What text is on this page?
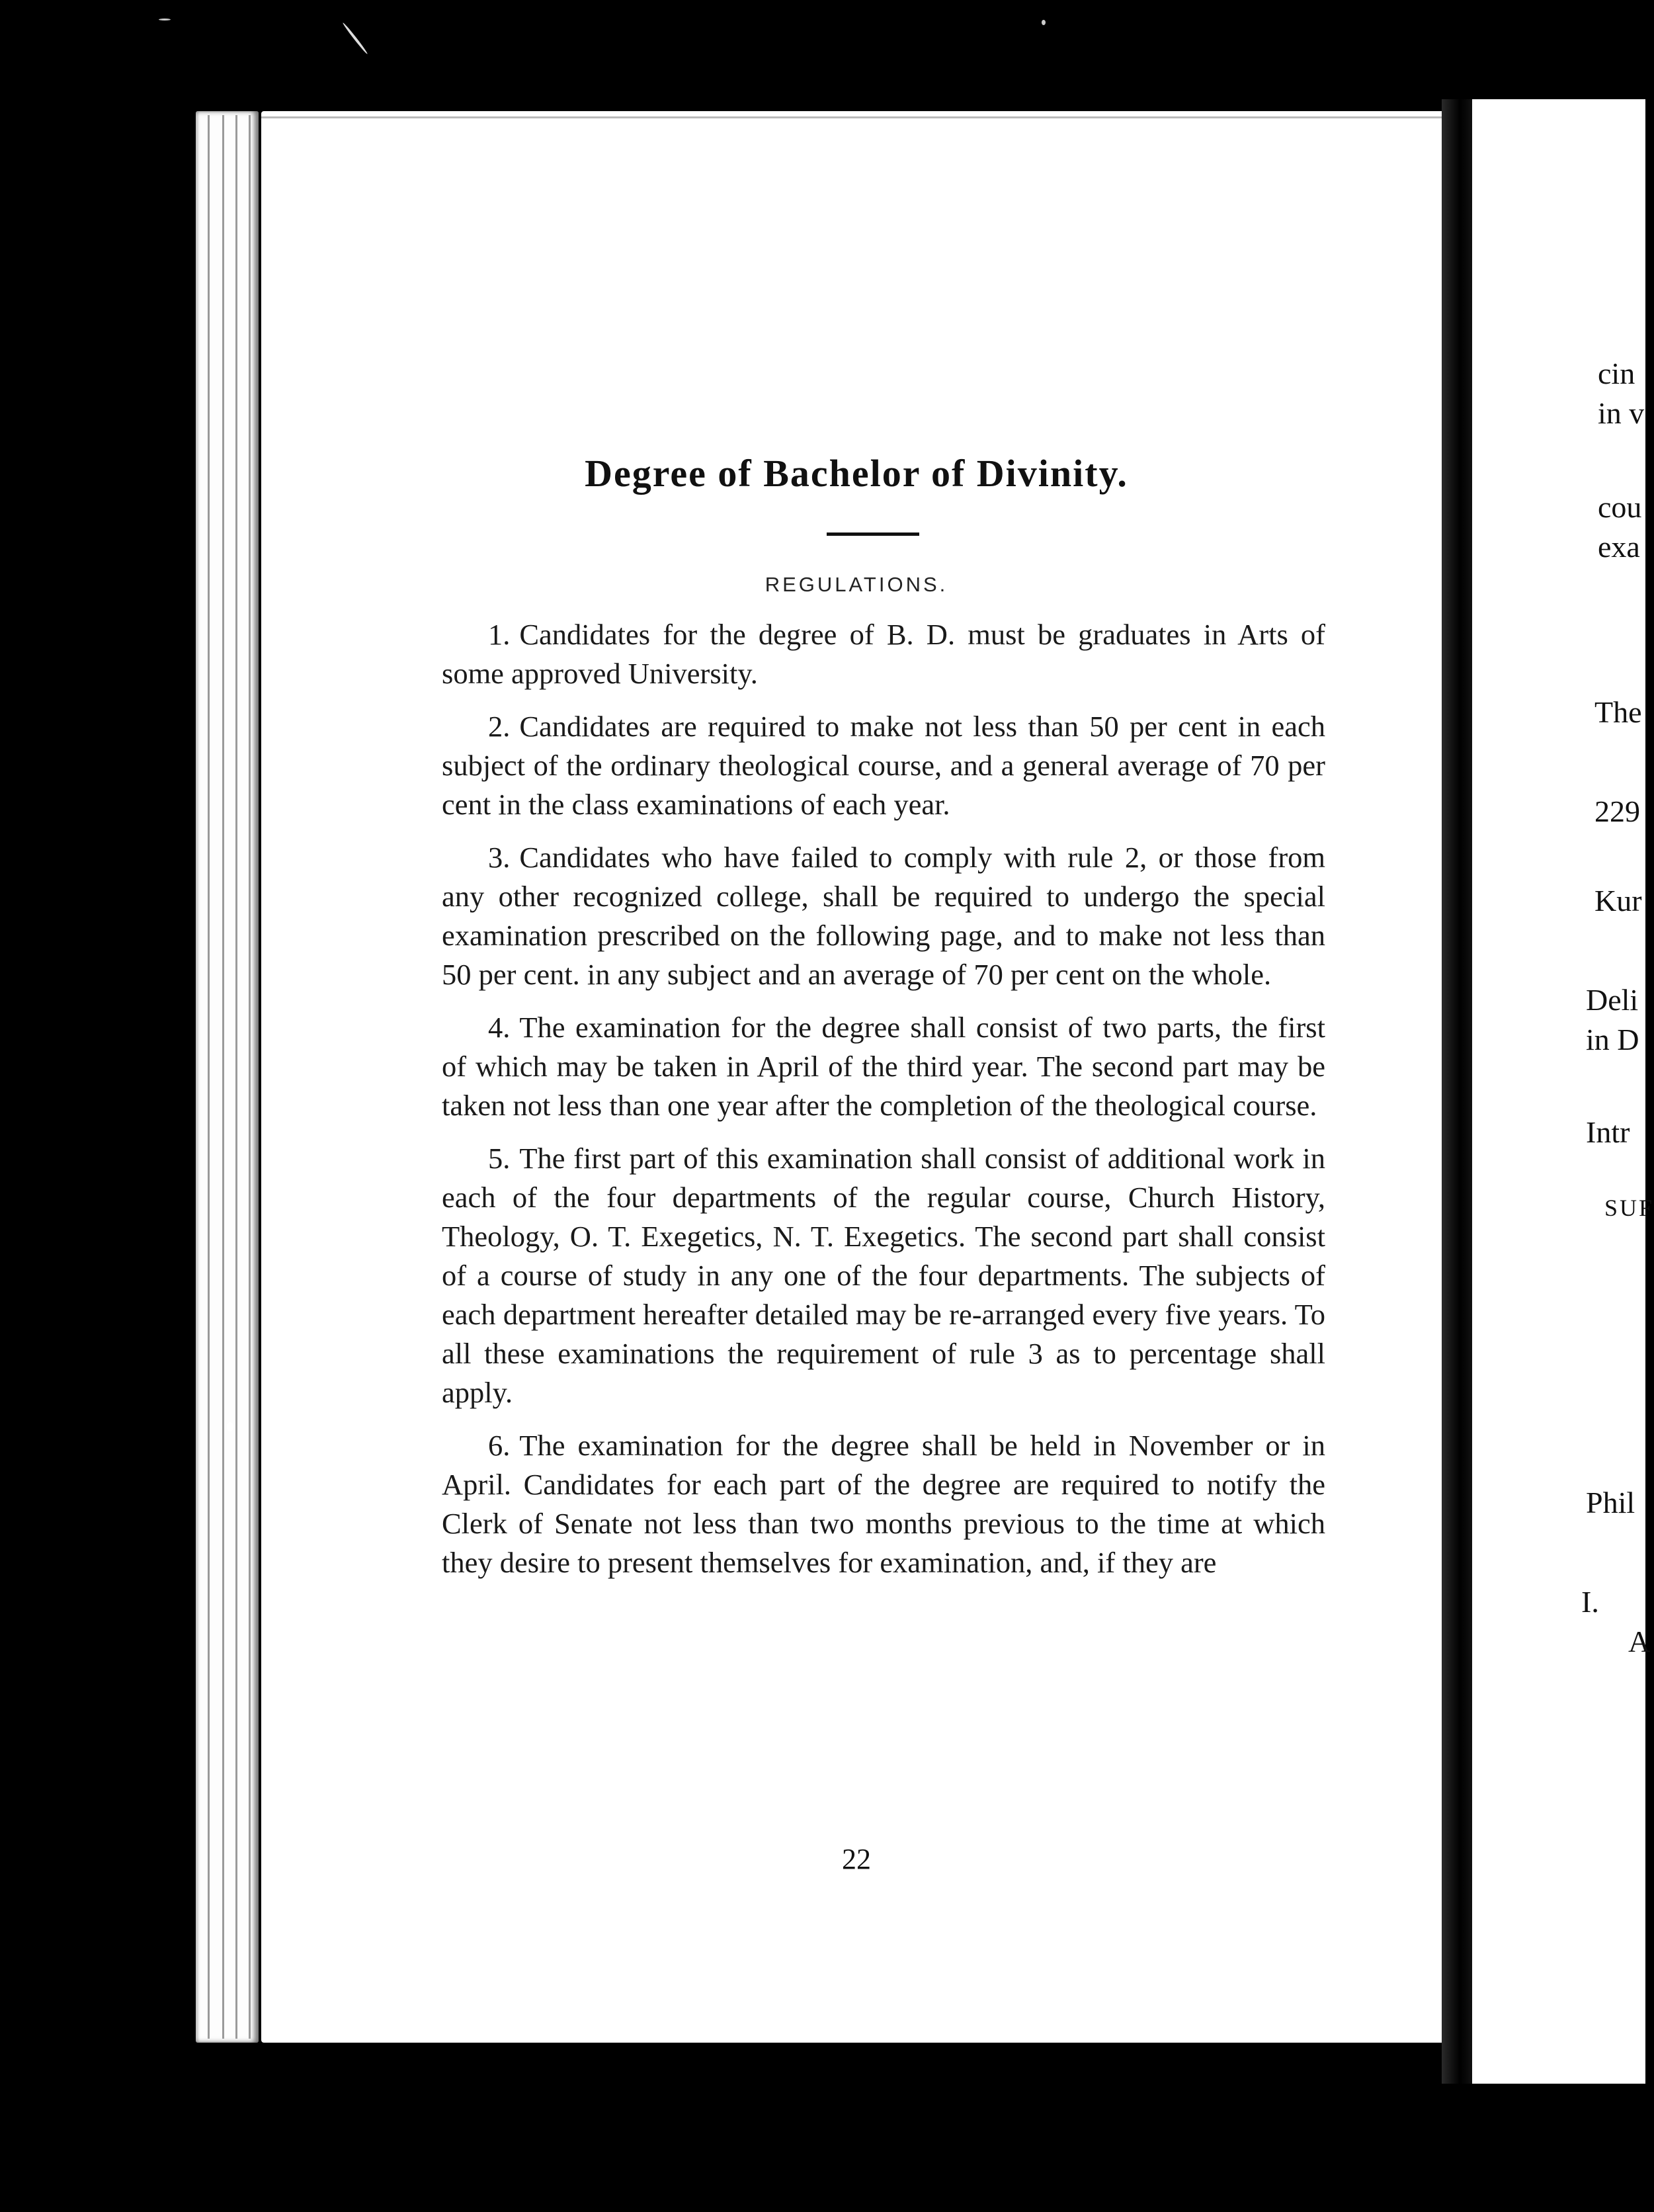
cin
in v
cou
exa
The
229
Kur
Deli
in D
Intr
SUF
Phil
I.
A
Degree of Bachelor of Divinity.
REGULATIONS.

1. Candidates for the degree of B. D. must be graduates in Arts of some approved University.

2. Candidates are required to make not less than 50 per cent in each subject of the ordinary theological course, and a general average of 70 per cent in the class examinations of each year.

3. Candidates who have failed to comply with rule 2, or those from any other recognized college, shall be required to undergo the special examination prescribed on the following page, and to make not less than 50 per cent. in any subject and an average of 70 per cent on the whole.

4. The examination for the degree shall consist of two parts, the first of which may be taken in April of the third year. The second part may be taken not less than one year after the completion of the theological course.

5. The first part of this examination shall consist of additional work in each of the four departments of the regular course, Church History, Theology, O. T. Exegetics, N. T. Exegetics. The second part shall consist of a course of study in any one of the four departments. The subjects of each department hereafter detailed may be re-arranged every five years. To all these examinations the requirement of rule 3 as to percentage shall apply.

6. The examination for the degree shall be held in November or in April. Candidates for each part of the degree are required to notify the Clerk of Senate not less than two months previous to the time at which they desire to present themselves for examination, and, if they are

22
